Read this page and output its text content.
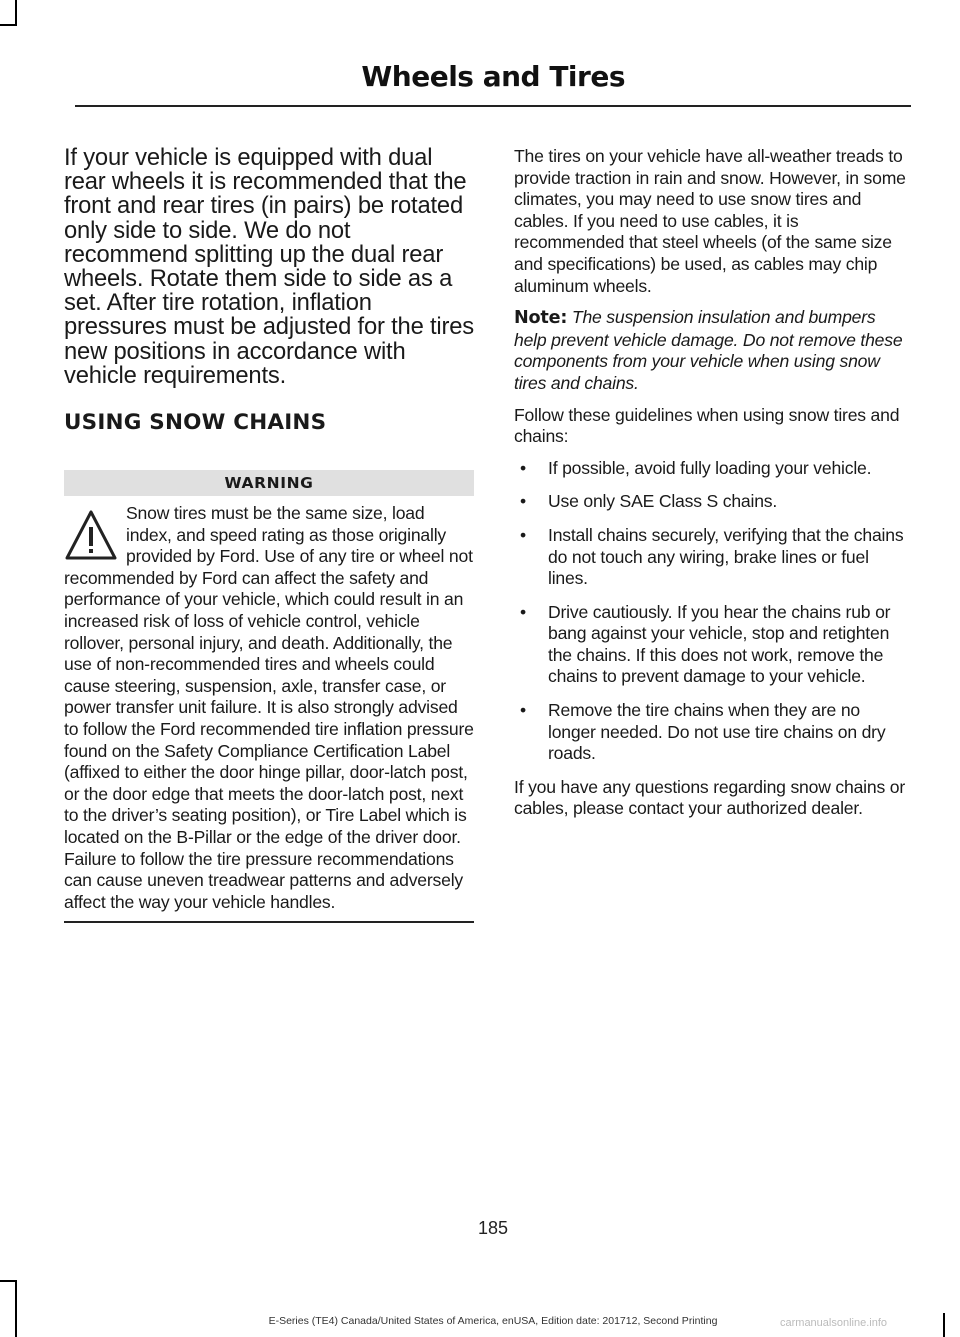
Wheels and Tires

If your vehicle is equipped with dual rear wheels it is recommended that the front and rear tires (in pairs) be rotated only side to side. We do not recommend splitting up the dual rear wheels. Rotate them side to side as a set. After tire rotation, inflation pressures must be adjusted for the tires new positions in accordance with vehicle requirements.

USING SNOW CHAINS
WARNING

Snow tires must be the same size, load index, and speed rating as those originally provided by Ford. Use of any tire or wheel not recommended by Ford can affect the safety and performance of your vehicle, which could result in an increased risk of loss of vehicle control, vehicle rollover, personal injury, and death. Additionally, the use of non-recommended tires and wheels could cause steering, suspension, axle, transfer case, or power transfer unit failure. It is also strongly advised to follow the Ford recommended tire inflation pressure found on the Safety Compliance Certification Label (affixed to either the door hinge pillar, door-latch post, or the door edge that meets the door-latch post, next to the driver’s seating position), or Tire Label which is located on the B-Pillar or the edge of the driver door. Failure to follow the tire pressure recommendations can cause uneven treadwear patterns and adversely affect the way your vehicle handles.

The tires on your vehicle have all-weather treads to provide traction in rain and snow. However, in some climates, you may need to use snow tires and cables. If you need to use cables, it is recommended that steel wheels (of the same size and specifications) be used, as cables may chip aluminum wheels.

Note: The suspension insulation and bumpers help prevent vehicle damage. Do not remove these components from your vehicle when using snow tires and chains.

Follow these guidelines when using snow tires and chains:

• If possible, avoid fully loading your vehicle.
• Use only SAE Class S chains.
• Install chains securely, verifying that the chains do not touch any wiring, brake lines or fuel lines.
• Drive cautiously. If you hear the chains rub or bang against your vehicle, stop and retighten the chains. If this does not work, remove the chains to prevent damage to your vehicle.
• Remove the tire chains when they are no longer needed. Do not use tire chains on dry roads.

If you have any questions regarding snow chains or cables, please contact your authorized dealer.

185
E-Series (TE4) Canada/United States of America, enUSA, Edition date: 201712, Second Printing	carmanualsonline.info
